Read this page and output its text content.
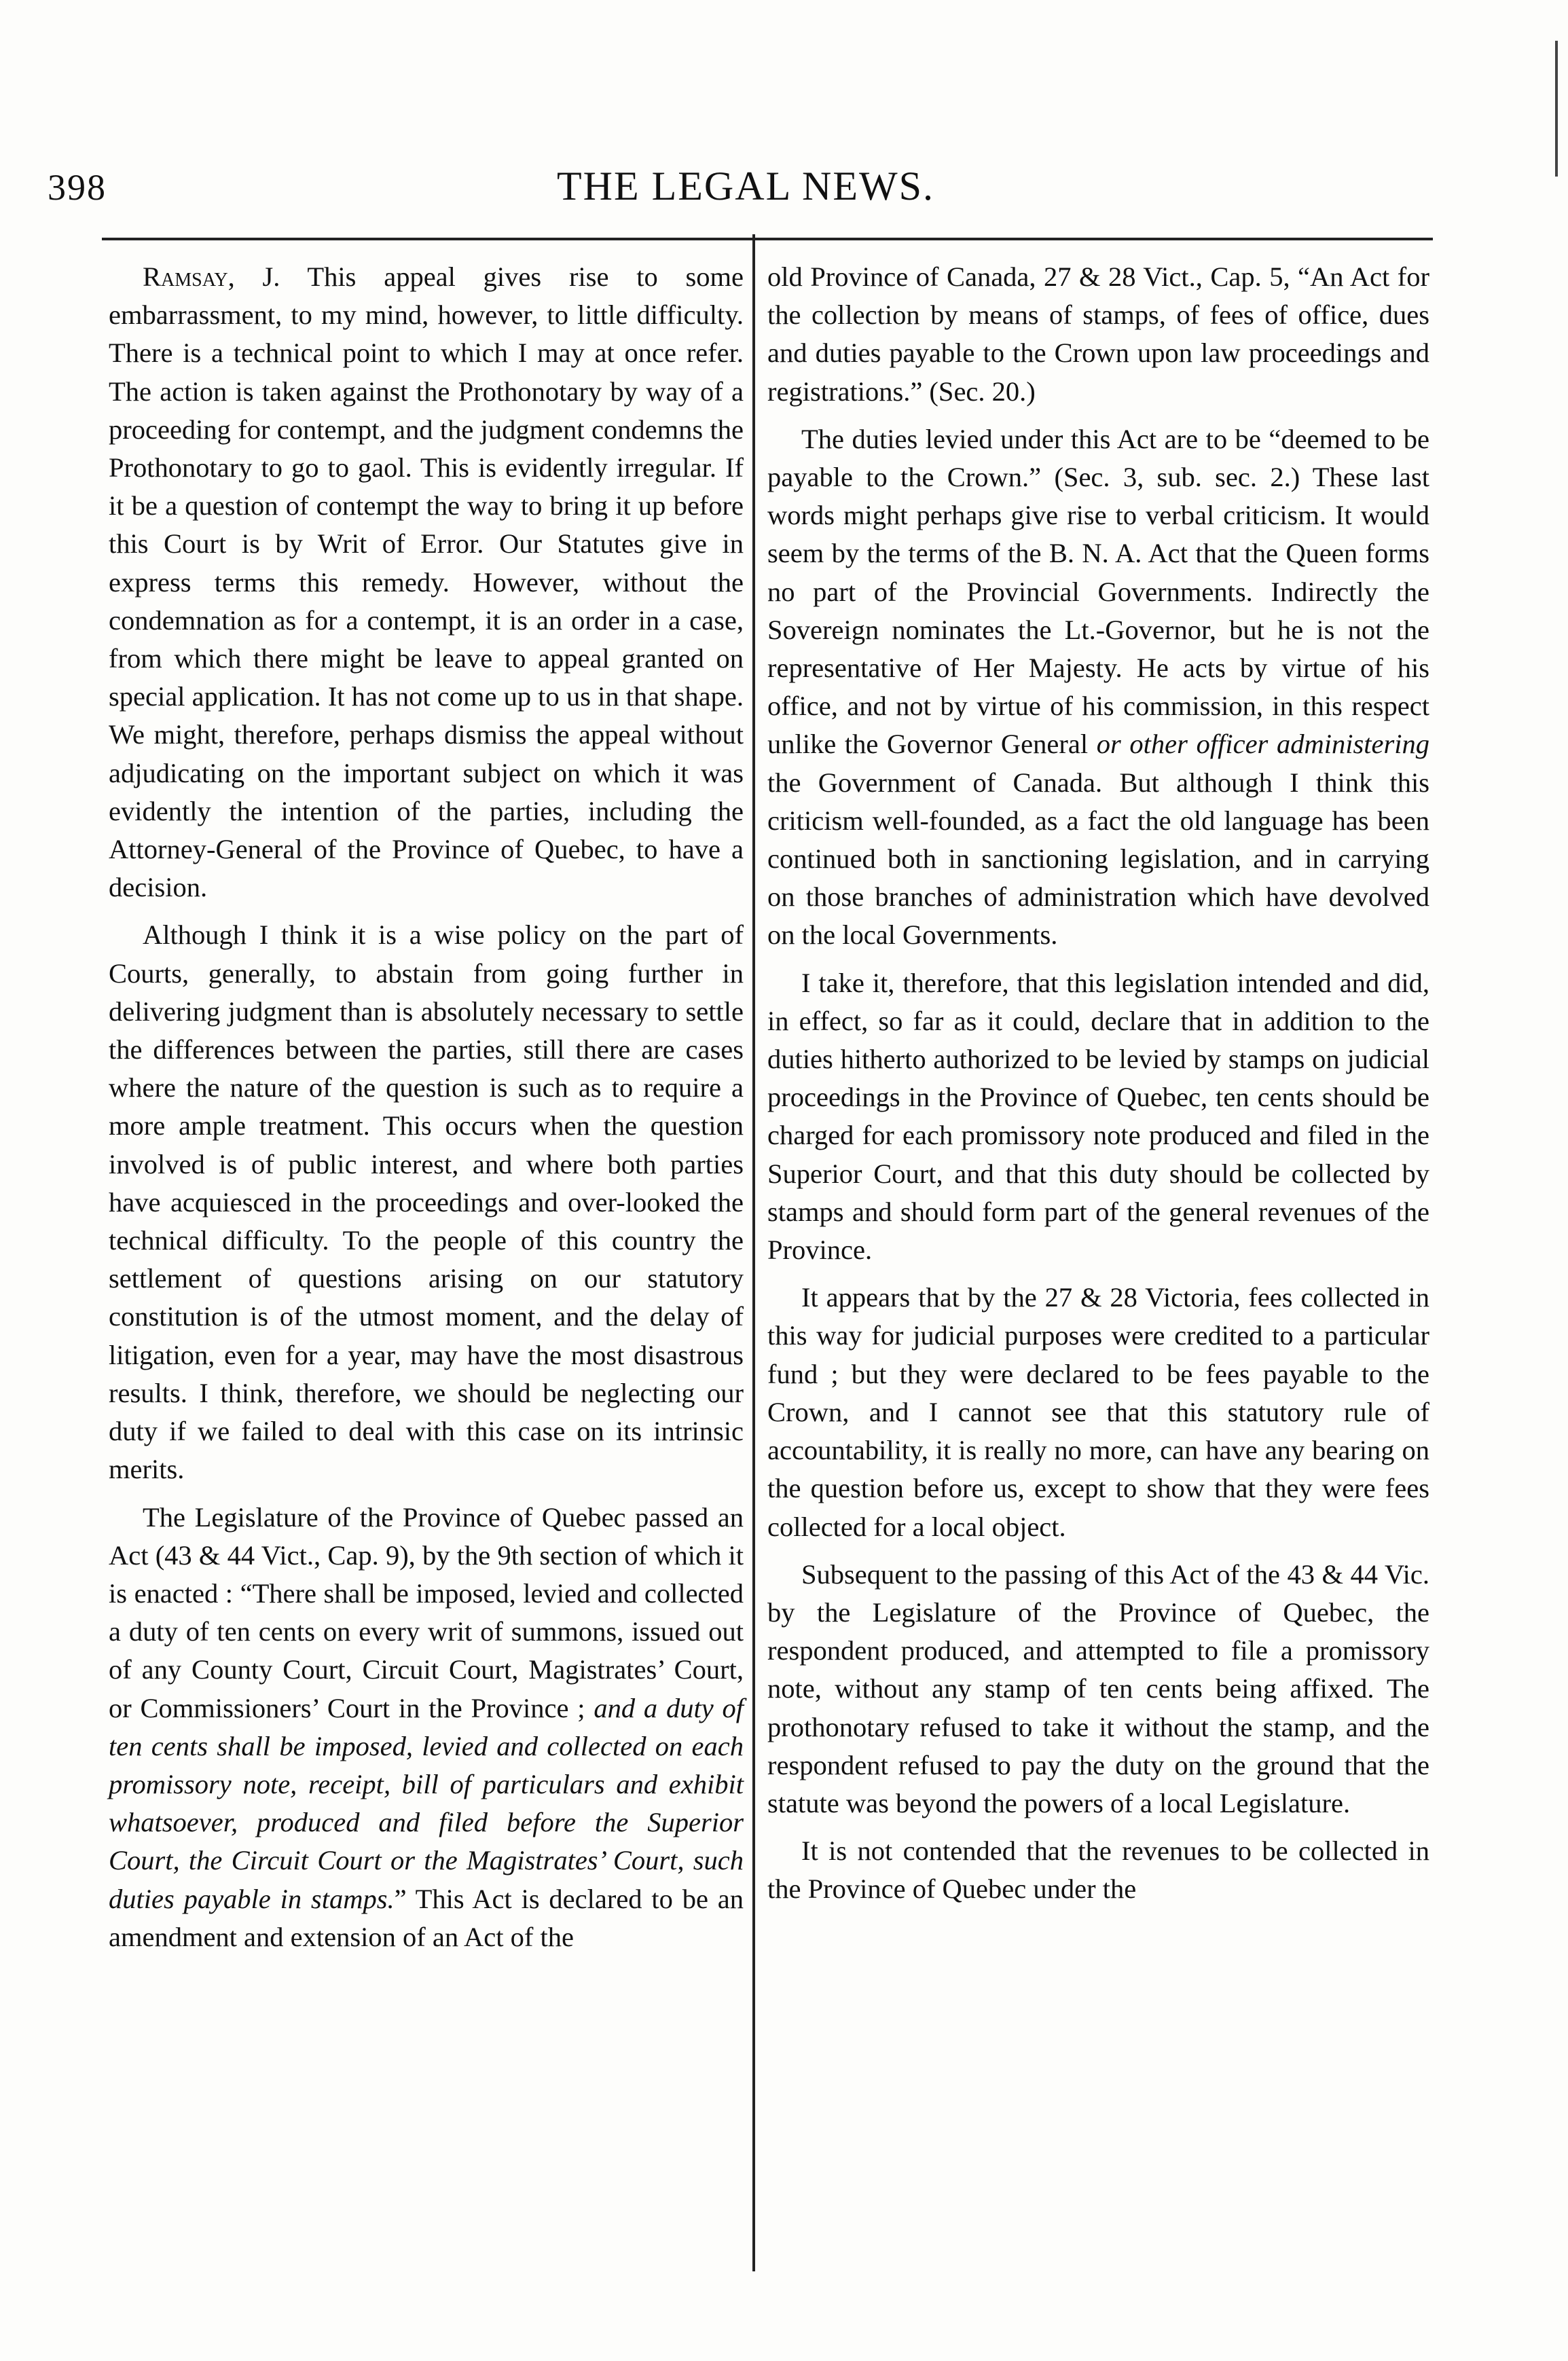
398	THE LEGAL NEWS.

Ramsay, J. This appeal gives rise to some embarrassment, to my mind, however, to little difficulty. There is a technical point to which I may at once refer. The action is taken against the Prothonotary by way of a proceeding for contempt, and the judgment condemns the Prothonotary to go to gaol. This is evidently irregular. If it be a question of contempt the way to bring it up before this Court is by Writ of Error. Our Statutes give in express terms this remedy. However, without the condemnation as for a contempt, it is an order in a case, from which there might be leave to appeal granted on special application. It has not come up to us in that shape. We might, therefore, perhaps dismiss the appeal without adjudicating on the important subject on which it was evidently the intention of the parties, including the Attorney-General of the Province of Quebec, to have a decision.

Although I think it is a wise policy on the part of Courts, generally, to abstain from going further in delivering judgment than is absolutely necessary to settle the differences between the parties, still there are cases where the nature of the question is such as to require a more ample treatment. This occurs when the question involved is of public interest, and where both parties have acquiesced in the proceedings and over-looked the technical difficulty. To the people of this country the settlement of questions arising on our statutory constitution is of the utmost moment, and the delay of litigation, even for a year, may have the most disastrous results. I think, therefore, we should be neglecting our duty if we failed to deal with this case on its intrinsic merits.

The Legislature of the Province of Quebec passed an Act (43 & 44 Vict., Cap. 9), by the 9th section of which it is enacted : “There shall be imposed, levied and collected a duty of ten cents on every writ of summons, issued out of any County Court, Circuit Court, Magistrates’ Court, or Commissioners’ Court in the Province ; and a duty of ten cents shall be imposed, levied and collected on each promissory note, receipt, bill of particulars and exhibit whatsoever, produced and filed before the Superior Court, the Circuit Court or the Magistrates’ Court, such duties payable in stamps.” This Act is declared to be an amendment and extension of an Act of the

old Province of Canada, 27 & 28 Vict., Cap. 5, “An Act for the collection by means of stamps, of fees of office, dues and duties payable to the Crown upon law proceedings and registrations.” (Sec. 20.)

The duties levied under this Act are to be “deemed to be payable to the Crown.” (Sec. 3, sub. sec. 2.) These last words might perhaps give rise to verbal criticism. It would seem by the terms of the B. N. A. Act that the Queen forms no part of the Provincial Governments. Indirectly the Sovereign nominates the Lt.-Governor, but he is not the representative of Her Majesty. He acts by virtue of his office, and not by virtue of his commission, in this respect unlike the Governor General or other officer administering the Government of Canada. But although I think this criticism well-founded, as a fact the old language has been continued both in sanctioning legislation, and in carrying on those branches of administration which have devolved on the local Governments.

I take it, therefore, that this legislation intended and did, in effect, so far as it could, declare that in addition to the duties hitherto authorized to be levied by stamps on judicial proceedings in the Province of Quebec, ten cents should be charged for each promissory note produced and filed in the Superior Court, and that this duty should be collected by stamps and should form part of the general revenues of the Province.

It appears that by the 27 & 28 Victoria, fees collected in this way for judicial purposes were credited to a particular fund ; but they were declared to be fees payable to the Crown, and I cannot see that this statutory rule of accountability, it is really no more, can have any bearing on the question before us, except to show that they were fees collected for a local object.

Subsequent to the passing of this Act of the 43 & 44 Vic. by the Legislature of the Province of Quebec, the respondent produced, and attempted to file a promissory note, without any stamp of ten cents being affixed. The prothonotary refused to take it without the stamp, and the respondent refused to pay the duty on the ground that the statute was beyond the powers of a local Legislature.

It is not contended that the revenues to be collected in the Province of Quebec under the
